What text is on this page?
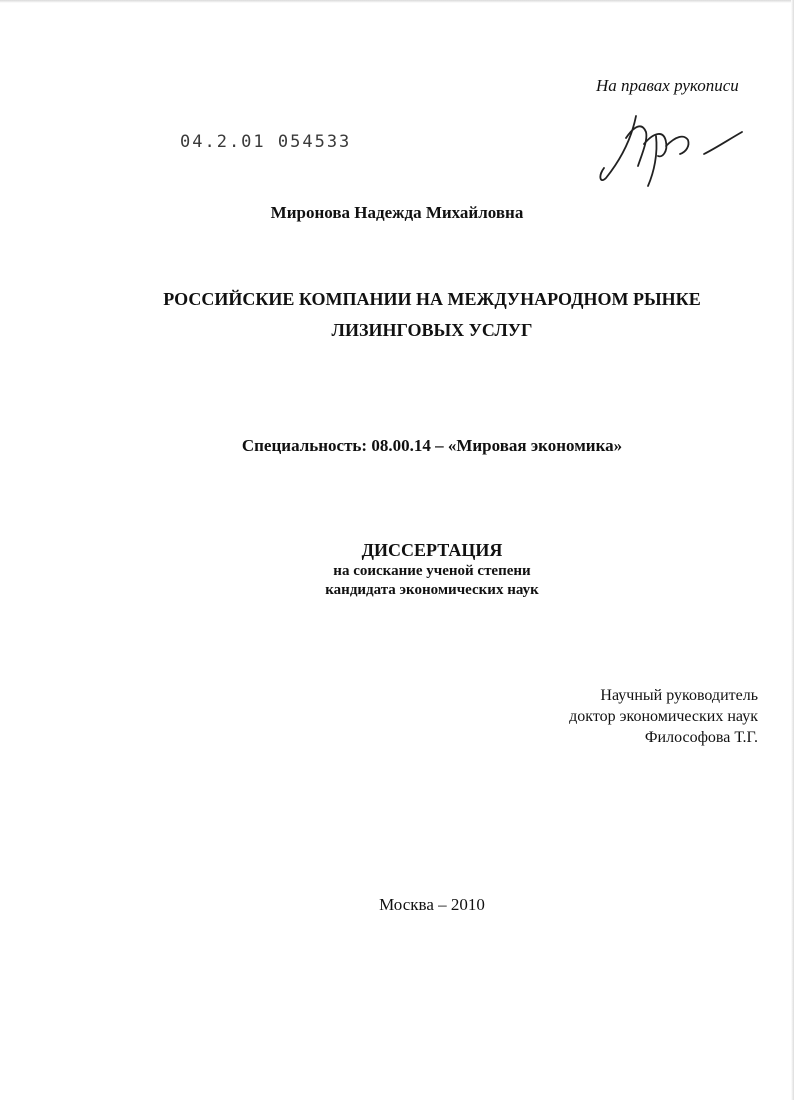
На правах рукописи
04.2.01 054533
Миронова Надежда Михайловна
РОССИЙСКИЕ КОМПАНИИ НА МЕЖДУНАРОДНОМ РЫНКЕ
ЛИЗИНГОВЫХ УСЛУГ
Специальность: 08.00.14 – «Мировая экономика»
ДИССЕРТАЦИЯ
на соискание ученой степени
кандидата экономических наук
Научный руководитель
доктор экономических наук
Философова Т.Г.
Москва – 2010
